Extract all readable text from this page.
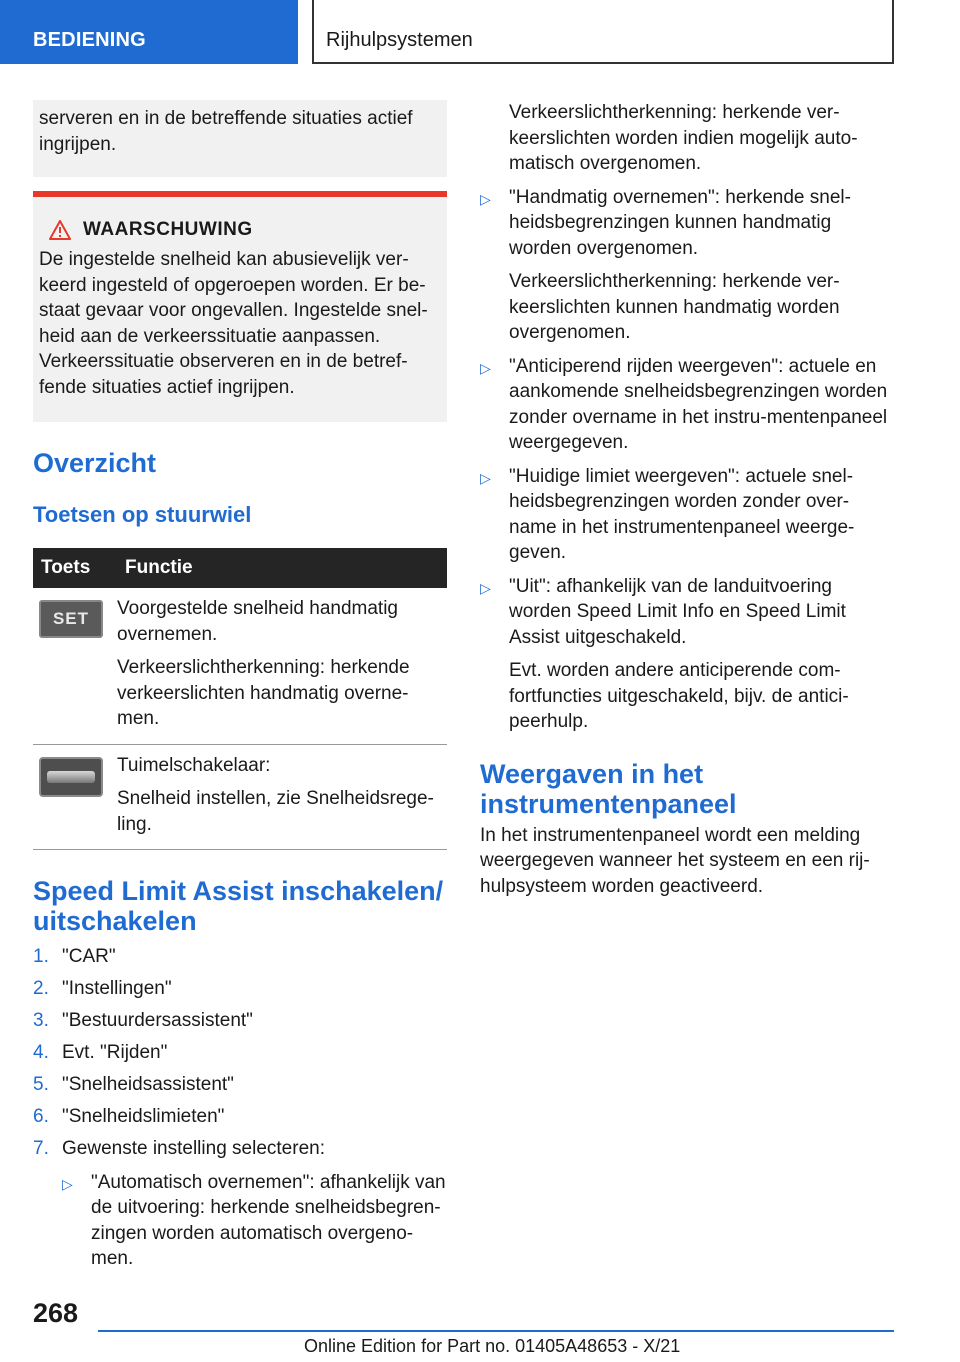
BEDIENING	Rijhulpsystemen

serveren en in de betreffende situaties actief ingrijpen.

WAARSCHUWING

De ingestelde snelheid kan abusievelijk ver-

keerd ingesteld of opgeroepen worden. Er be-

staat gevaar voor ongevallen. Ingestelde snel-

heid aan de verkeerssituatie aanpassen.

Verkeerssituatie observeren en in de betref-

fende situaties actief ingrijpen.

Overzicht
Toetsen op stuurwiel
Toets	Functie

SET	Voorgestelde snelheid handmatig overnemen.

Verkeerslichtherkenning: herkende verkeerslichten handmatig overne-men.

	Tuimelschakelaar:

Snelheid instellen, zie Snelheidsrege-ling.

Speed Limit Assist inschakelen/ uitschakelen
1. "CAR"
2. "Instellingen"
3. "Bestuurdersassistent"
4. Evt. "Rijden"
5. "Snelheidsassistent"
6. "Snelheidslimieten"
7. Gewenste instelling selecteren:
▷ "Automatisch overnemen": afhankelijk van de uitvoering: herkende snelheidsbegren-zingen worden automatisch overgeno-men.

Verkeerslichtherkenning: herkende ver-keerslichten worden indien mogelijk auto-matisch overgenomen.

▷ "Handmatig overnemen": herkende snel-heidsbegrenzingen kunnen handmatig worden overgenomen.

Verkeerslichtherkenning: herkende ver-keerslichten kunnen handmatig worden overgenomen.

▷ "Anticiperend rijden weergeven": actuele en aankomende snelheidsbegrenzingen worden zonder overname in het instru-mentenpaneel weergegeven.

▷ "Huidige limiet weergeven": actuele snel-heidsbegrenzingen worden zonder over-name in het instrumentenpaneel weerge-geven.

▷ "Uit": afhankelijk van de landuitvoering worden Speed Limit Info en Speed Limit Assist uitgeschakeld.

Evt. worden andere anticiperende com-fortfuncties uitgeschakeld, bijv. de antici-peerhulp.

Weergaven in het instrumentenpaneel

In het instrumentenpaneel wordt een melding weergegeven wanneer het systeem en een rij-hulpsysteem worden geactiveerd.

268
Online Edition for Part no. 01405A48653 - X/21
